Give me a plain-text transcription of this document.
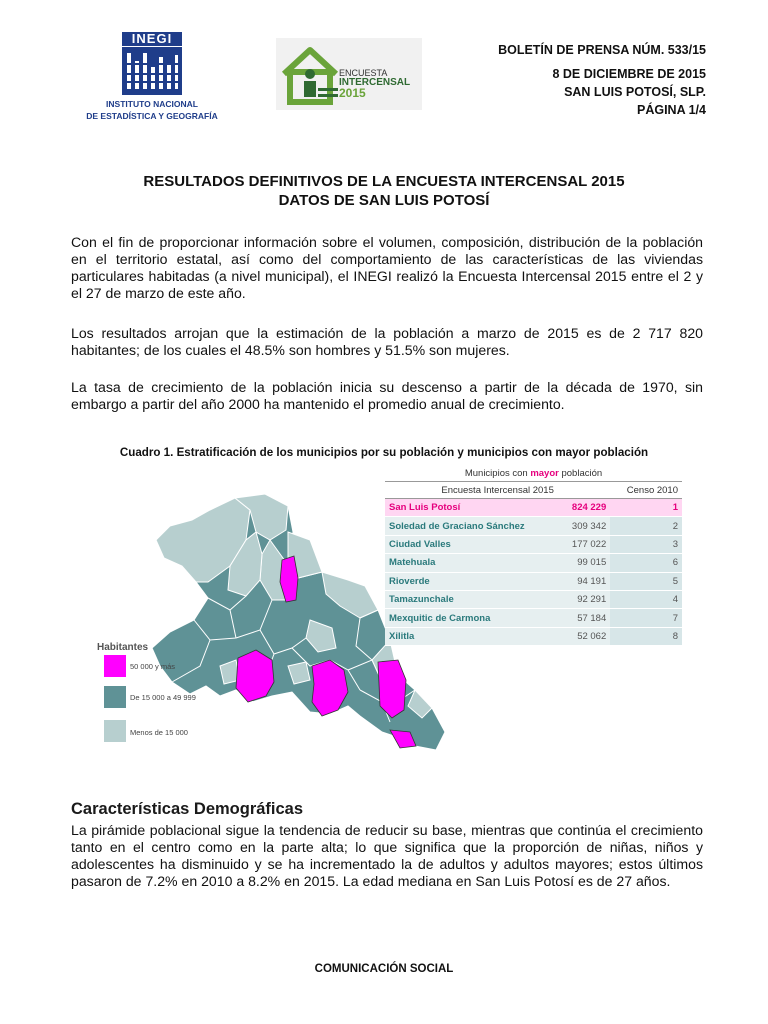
INEGI
INSTITUTO NACIONAL
DE ESTADÍSTICA Y GEOGRAFÍA
ENCUESTA
INTERCENSAL
2015
BOLETÍN DE PRENSA NÚM. 533/15
8 DE DICIEMBRE DE 2015
SAN LUIS POTOSÍ, SLP.
PÁGINA 1/4
RESULTADOS DEFINITIVOS DE LA ENCUESTA INTERCENSAL 2015
DATOS DE SAN LUIS POTOSÍ

Con el fin de proporcionar información sobre el volumen, composición, distribución de la población en el territorio estatal, así como del comportamiento de las características de las viviendas particulares habitadas (a nivel municipal), el INEGI realizó la Encuesta Intercensal 2015 entre el 2 y el 27 de marzo de este año.

Los resultados arrojan que la estimación de la población a marzo de 2015 es de 2 717 820 habitantes; de los cuales el 48.5% son hombres y 51.5% son mujeres.

La tasa de crecimiento de la población inicia su descenso a partir de la década de 1970, sin embargo a partir del año 2000 ha mantenido el promedio anual de crecimiento.

Cuadro 1. Estratificación de los municipios por su población y municipios con mayor población
Habitantes
50 000 y más
De 15 000 a 49 999
Menos de 15 000
Municipios con mayor población		
Encuesta Intercensal 2015		Censo 2010
San Luis Potosí	824 229	1
Soledad de Graciano Sánchez	309 342	2
Ciudad Valles	177 022	3
Matehuala	99 015	6
Rioverde	94 191	5
Tamazunchale	92 291	4
Mexquitic de Carmona	57 184	7
Xilitla	52 062	8
Características Demográficas

La pirámide poblacional sigue la tendencia de reducir su base, mientras que continúa el crecimiento tanto en el centro como en la parte alta; lo que significa que la proporción de niñas, niños y adolescentes ha disminuido y se ha incrementado la de adultos y adultos mayores; estos últimos pasaron de 7.2% en 2010 a 8.2% en 2015. La edad mediana en San Luis Potosí es de 27 años.

COMUNICACIÓN SOCIAL
